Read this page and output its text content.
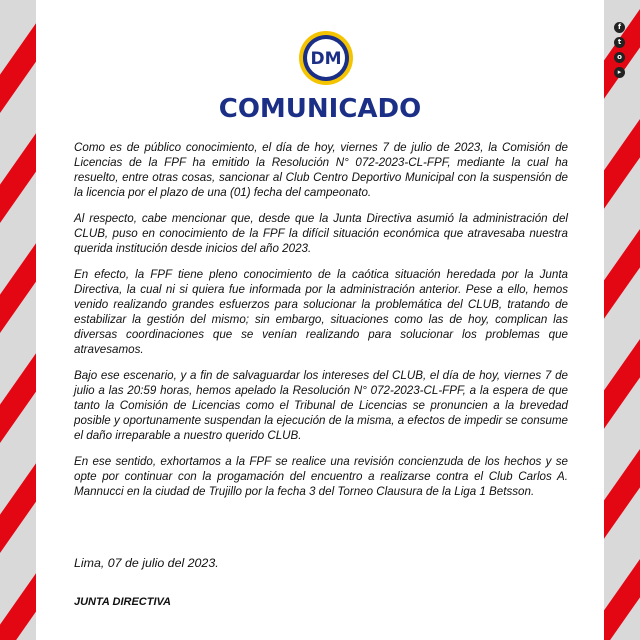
DM
COMUNICADO

Como es de público conocimiento, el día de hoy, viernes 7 de julio de 2023, la Comisión de Licencias de la FPF ha emitido la Resolución N° 072-2023-CL-FPF, mediante la cual ha resuelto, entre otras cosas, sancionar al Club Centro Deportivo Municipal con la suspensión de la licencia por el plazo de una (01) fecha del campeonato.

Al respecto, cabe mencionar que, desde que la Junta Directiva asumió la administración del CLUB, puso en conocimiento de la FPF la difícil situación económica que atravesaba nuestra querida institución desde inicios del año 2023.

En efecto, la FPF tiene pleno conocimiento de la caótica situación heredada por la Junta Directiva, la cual ni si quiera fue informada por la administración anterior. Pese a ello, hemos venido realizando grandes esfuerzos para solucionar la problemática del CLUB, tratando de estabilizar la gestión del mismo; sin embargo, situaciones como las de hoy, complican las diversas coordinaciones que se venían realizando para solucionar los problemas que atravesamos.

Bajo ese escenario, y a fin de salvaguardar los intereses del CLUB, el día de hoy, viernes 7 de julio a las 20:59 horas, hemos apelado la Resolución N° 072-2023-CL-FPF, a la espera de que tanto la Comisión de Licencias como el Tribunal de Licencias se pronuncien a la brevedad posible y oportunamente suspendan la ejecución de la misma, a efectos de impedir se consume el daño irreparable a nuestro querido CLUB.

En ese sentido, exhortamos a la FPF se realice una revisión concienzuda de los hechos y se opte por continuar con la progamación del encuentro a realizarse contra el Club Carlos A. Mannucci en la ciudad de Trujillo por la fecha 3 del Torneo Clausura de la Liga 1 Betsson.

Lima, 07 de julio del 2023.
JUNTA DIRECTIVA
f
t
o
▸
